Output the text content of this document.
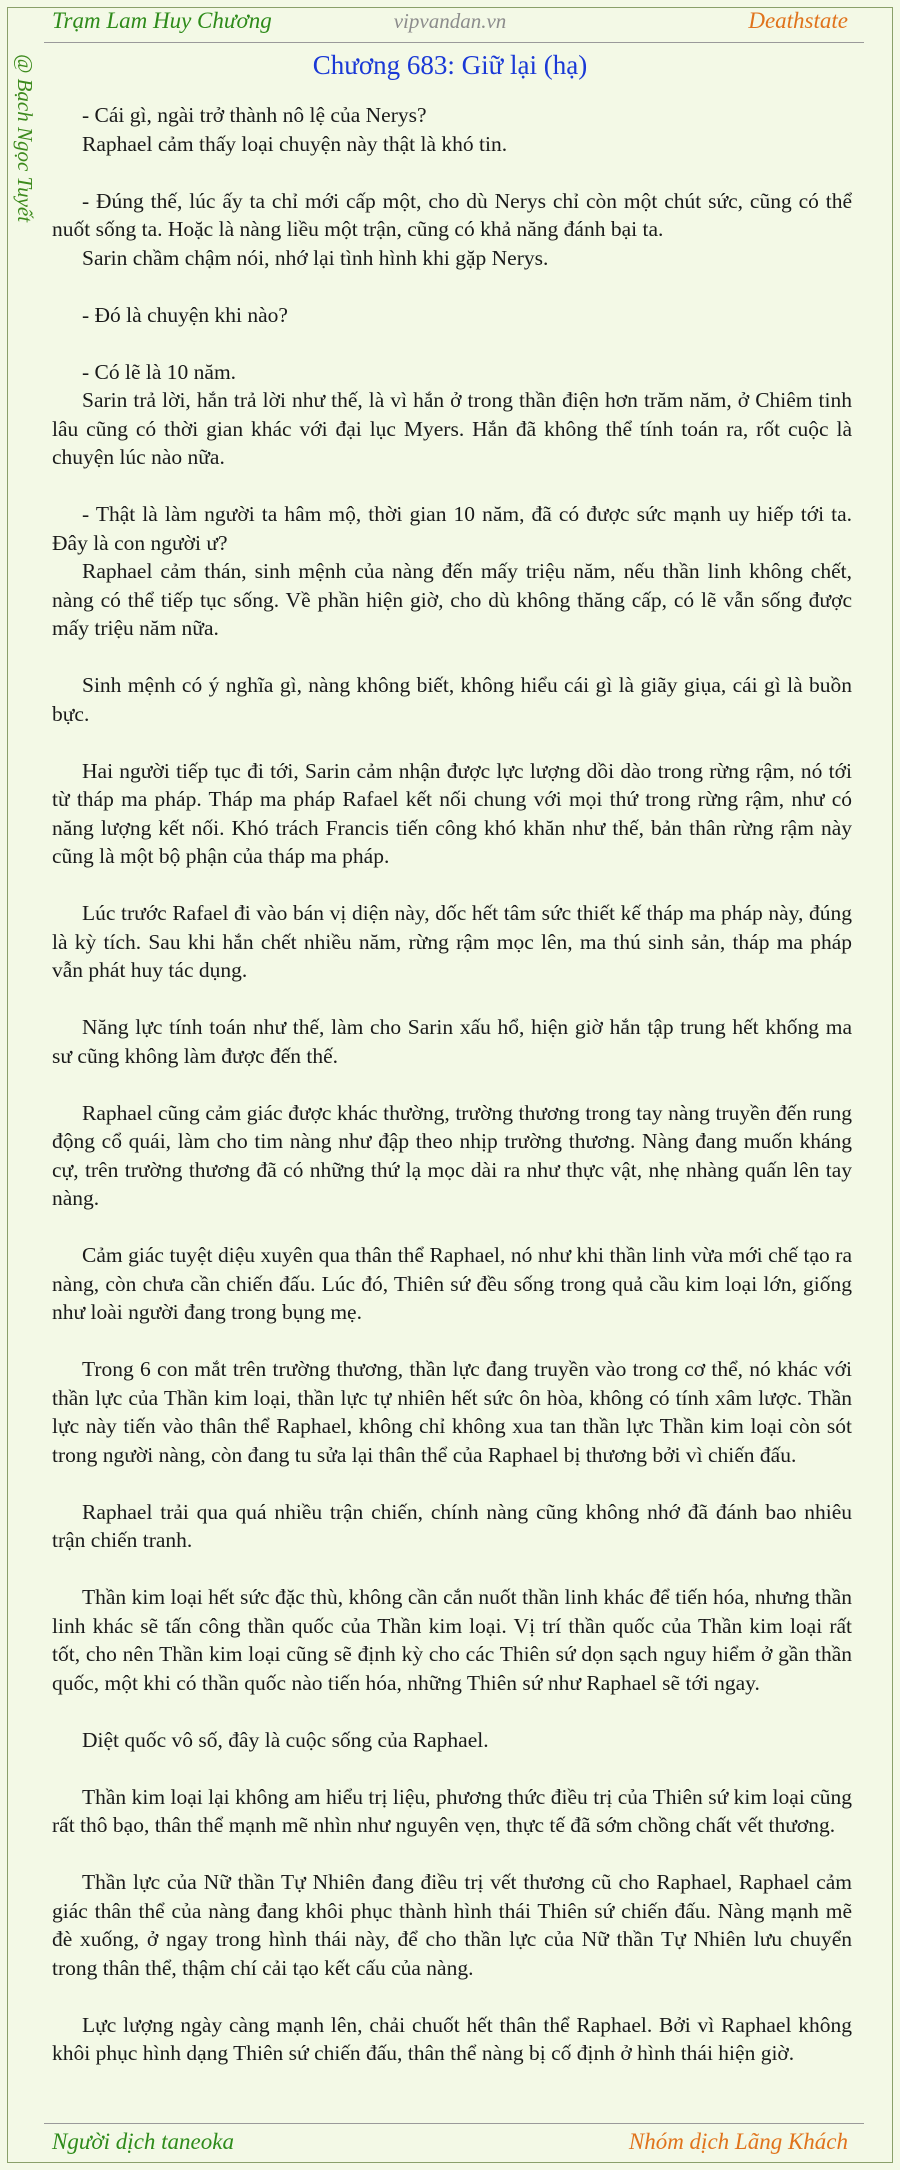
Trạm Lam Huy Chương	vipvandan.vn	Deathstate
@ Bạch Ngọc Tuyết	Chương 683: Giữ lại (hạ)

- Cái gì, ngài trở thành nô lệ của Nerys?

Raphael cảm thấy loại chuyện này thật là khó tin.

- Đúng thế, lúc ấy ta chỉ mới cấp một, cho dù Nerys chỉ còn một chút sức, cũng có thể nuốt sống ta. Hoặc là nàng liều một trận, cũng có khả năng đánh bại ta.

Sarin chầm chậm nói, nhớ lại tình hình khi gặp Nerys.

- Đó là chuyện khi nào?

- Có lẽ là 10 năm.

Sarin trả lời, hắn trả lời như thế, là vì hắn ở trong thần điện hơn trăm năm, ở Chiêm tinh lâu cũng có thời gian khác với đại lục Myers. Hắn đã không thể tính toán ra, rốt cuộc là chuyện lúc nào nữa.

- Thật là làm người ta hâm mộ, thời gian 10 năm, đã có được sức mạnh uy hiếp tới ta. Đây là con người ư?

Raphael cảm thán, sinh mệnh của nàng đến mấy triệu năm, nếu thần linh không chết, nàng có thể tiếp tục sống. Về phần hiện giờ, cho dù không thăng cấp, có lẽ vẫn sống được mấy triệu năm nữa.

Sinh mệnh có ý nghĩa gì, nàng không biết, không hiểu cái gì là giãy giụa, cái gì là buồn bực.

Hai người tiếp tục đi tới, Sarin cảm nhận được lực lượng dồi dào trong rừng rậm, nó tới từ tháp ma pháp. Tháp ma pháp Rafael kết nối chung với mọi thứ trong rừng rậm, như có năng lượng kết nối. Khó trách Francis tiến công khó khăn như thế, bản thân rừng rậm này cũng là một bộ phận của tháp ma pháp.

Lúc trước Rafael đi vào bán vị diện này, dốc hết tâm sức thiết kế tháp ma pháp này, đúng là kỳ tích. Sau khi hắn chết nhiều năm, rừng rậm mọc lên, ma thú sinh sản, tháp ma pháp vẫn phát huy tác dụng.

Năng lực tính toán như thế, làm cho Sarin xấu hổ, hiện giờ hắn tập trung hết khống ma sư cũng không làm được đến thế.

Raphael cũng cảm giác được khác thường, trường thương trong tay nàng truyền đến rung động cổ quái, làm cho tim nàng như đập theo nhịp trường thương. Nàng đang muốn kháng cự, trên trường thương đã có những thứ lạ mọc dài ra như thực vật, nhẹ nhàng quấn lên tay nàng.

Cảm giác tuyệt diệu xuyên qua thân thể Raphael, nó như khi thần linh vừa mới chế tạo ra nàng, còn chưa cần chiến đấu. Lúc đó, Thiên sứ đều sống trong quả cầu kim loại lớn, giống như loài người đang trong bụng mẹ.

Trong 6 con mắt trên trường thương, thần lực đang truyền vào trong cơ thể, nó khác với thần lực của Thần kim loại, thần lực tự nhiên hết sức ôn hòa, không có tính xâm lược. Thần lực này tiến vào thân thể Raphael, không chỉ không xua tan thần lực Thần kim loại còn sót trong người nàng, còn đang tu sửa lại thân thể của Raphael bị thương bởi vì chiến đấu.

Raphael trải qua quá nhiều trận chiến, chính nàng cũng không nhớ đã đánh bao nhiêu trận chiến tranh.

Thần kim loại hết sức đặc thù, không cần cắn nuốt thần linh khác để tiến hóa, nhưng thần linh khác sẽ tấn công thần quốc của Thần kim loại. Vị trí thần quốc của Thần kim loại rất tốt, cho nên Thần kim loại cũng sẽ định kỳ cho các Thiên sứ dọn sạch nguy hiểm ở gần thần quốc, một khi có thần quốc nào tiến hóa, những Thiên sứ như Raphael sẽ tới ngay.

Diệt quốc vô số, đây là cuộc sống của Raphael.

Thần kim loại lại không am hiểu trị liệu, phương thức điều trị của Thiên sứ kim loại cũng rất thô bạo, thân thể mạnh mẽ nhìn như nguyên vẹn, thực tế đã sớm chồng chất vết thương.

Thần lực của Nữ thần Tự Nhiên đang điều trị vết thương cũ cho Raphael, Raphael cảm giác thân thể của nàng đang khôi phục thành hình thái Thiên sứ chiến đấu. Nàng mạnh mẽ đè xuống, ở ngay trong hình thái này, để cho thần lực của Nữ thần Tự Nhiên lưu chuyển trong thân thể, thậm chí cải tạo kết cấu của nàng.

Lực lượng ngày càng mạnh lên, chải chuốt hết thân thể Raphael. Bởi vì Raphael không khôi phục hình dạng Thiên sứ chiến đấu, thân thể nàng bị cố định ở hình thái hiện giờ.

Người dịch taneoka	Nhóm dịch Lãng Khách
